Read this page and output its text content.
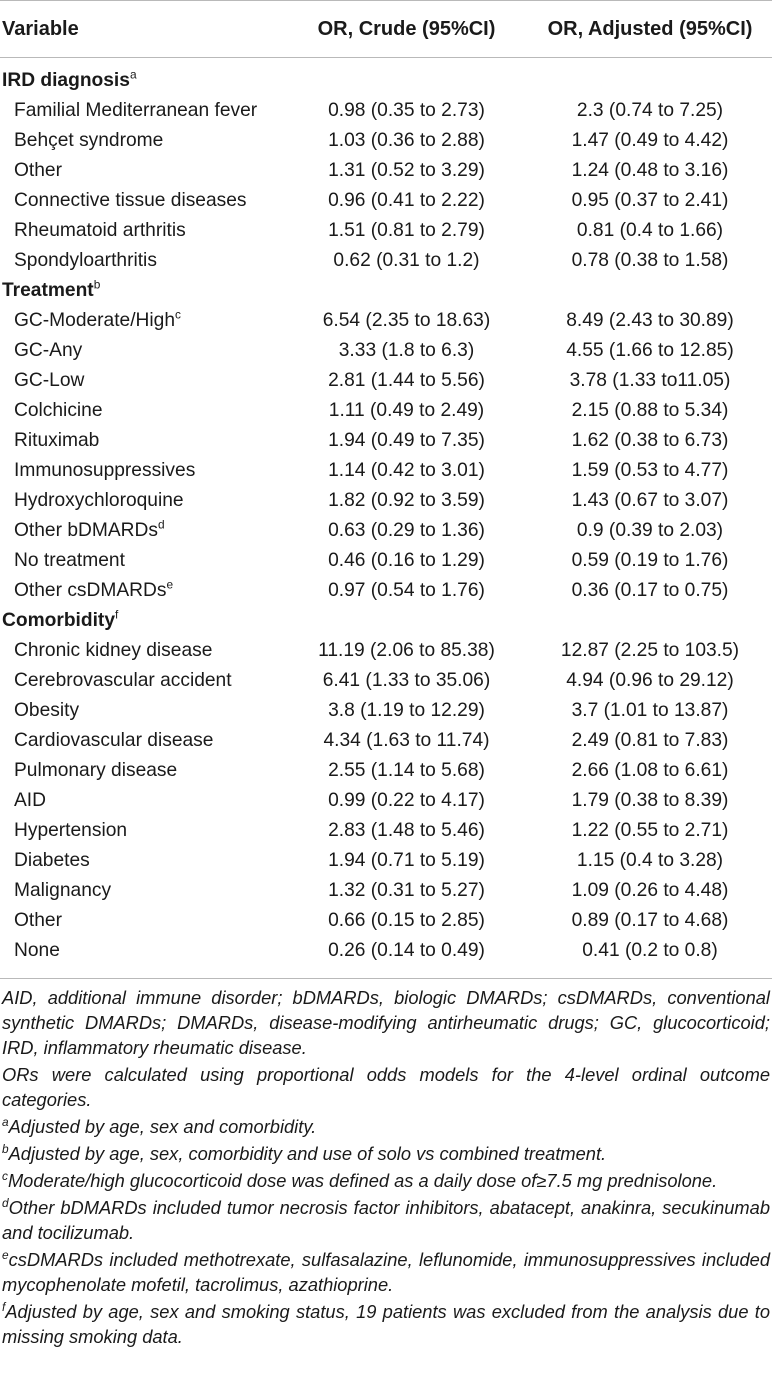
Variable	OR, Crude (95%CI)	OR, Adjusted (95%CI)
IRD diagnosis$^a$
Familial Mediterranean fever	0.98 (0.35 to 2.73)	2.3 (0.74 to 7.25)
Behçet syndrome	1.03 (0.36 to 2.88)	1.47 (0.49 to 4.42)
Other	1.31 (0.52 to 3.29)	1.24 (0.48 to 3.16)
Connective tissue diseases	0.96 (0.41 to 2.22)	0.95 (0.37 to 2.41)
Rheumatoid arthritis	1.51 (0.81 to 2.79)	0.81 (0.4 to 1.66)
Spondyloarthritis	0.62 (0.31 to 1.2)	0.78 (0.38 to 1.58)
Treatment$^b$
GC-Moderate/High$^c$	6.54 (2.35 to 18.63)	8.49 (2.43 to 30.89)
GC-Any	3.33 (1.8 to 6.3)	4.55 (1.66 to 12.85)
GC-Low	2.81 (1.44 to 5.56)	3.78 (1.33 to11.05)
Colchicine	1.11 (0.49 to 2.49)	2.15 (0.88 to 5.34)
Rituximab	1.94 (0.49 to 7.35)	1.62 (0.38 to 6.73)
Immunosuppressives	1.14 (0.42 to 3.01)	1.59 (0.53 to 4.77)
Hydroxychloroquine	1.82 (0.92 to 3.59)	1.43 (0.67 to 3.07)
Other bDMARDs$^d$	0.63 (0.29 to 1.36)	0.9 (0.39 to 2.03)
No treatment	0.46 (0.16 to 1.29)	0.59 (0.19 to 1.76)
Other csDMARDs$^e$	0.97 (0.54 to 1.76)	0.36 (0.17 to 0.75)
Comorbidity$^f$
Chronic kidney disease	11.19 (2.06 to 85.38)	12.87 (2.25 to 103.5)
Cerebrovascular accident	6.41 (1.33 to 35.06)	4.94 (0.96 to 29.12)
Obesity	3.8 (1.19 to 12.29)	3.7 (1.01 to 13.87)
Cardiovascular disease	4.34 (1.63 to 11.74)	2.49 (0.81 to 7.83)
Pulmonary disease	2.55 (1.14 to 5.68)	2.66 (1.08 to 6.61)
AID	0.99 (0.22 to 4.17)	1.79 (0.38 to 8.39)
Hypertension	2.83 (1.48 to 5.46)	1.22 (0.55 to 2.71)
Diabetes	1.94 (0.71 to 5.19)	1.15 (0.4 to 3.28)
Malignancy	1.32 (0.31 to 5.27)	1.09 (0.26 to 4.48)
Other	0.66 (0.15 to 2.85)	0.89 (0.17 to 4.68)
None	0.26 (0.14 to 0.49)	0.41 (0.2 to 0.8)

AID, additional immune disorder; bDMARDs, biologic DMARDs; csDMARDs, conventional synthetic DMARDs; DMARDs, disease-modifying antirheumatic drugs; GC, glucocorticoid; IRD, inflammatory rheumatic disease.

ORs were calculated using proportional odds models for the 4-level ordinal outcome categories.

$^a$Adjusted by age, sex and comorbidity.

$^b$Adjusted by age, sex, comorbidity and use of solo vs combined treatment.

$^c$Moderate/high glucocorticoid dose was defined as a daily dose of≥7.5 mg prednisolone.

$^d$Other bDMARDs included tumor necrosis factor inhibitors, abatacept, anakinra, secukinumab and tocilizumab.

$^e$csDMARDs included methotrexate, sulfasalazine, leflunomide, immunosuppressives included mycophenolate mofetil, tacrolimus, azathioprine.

$^f$Adjusted by age, sex and smoking status, 19 patients was excluded from the analysis due to missing smoking data.
